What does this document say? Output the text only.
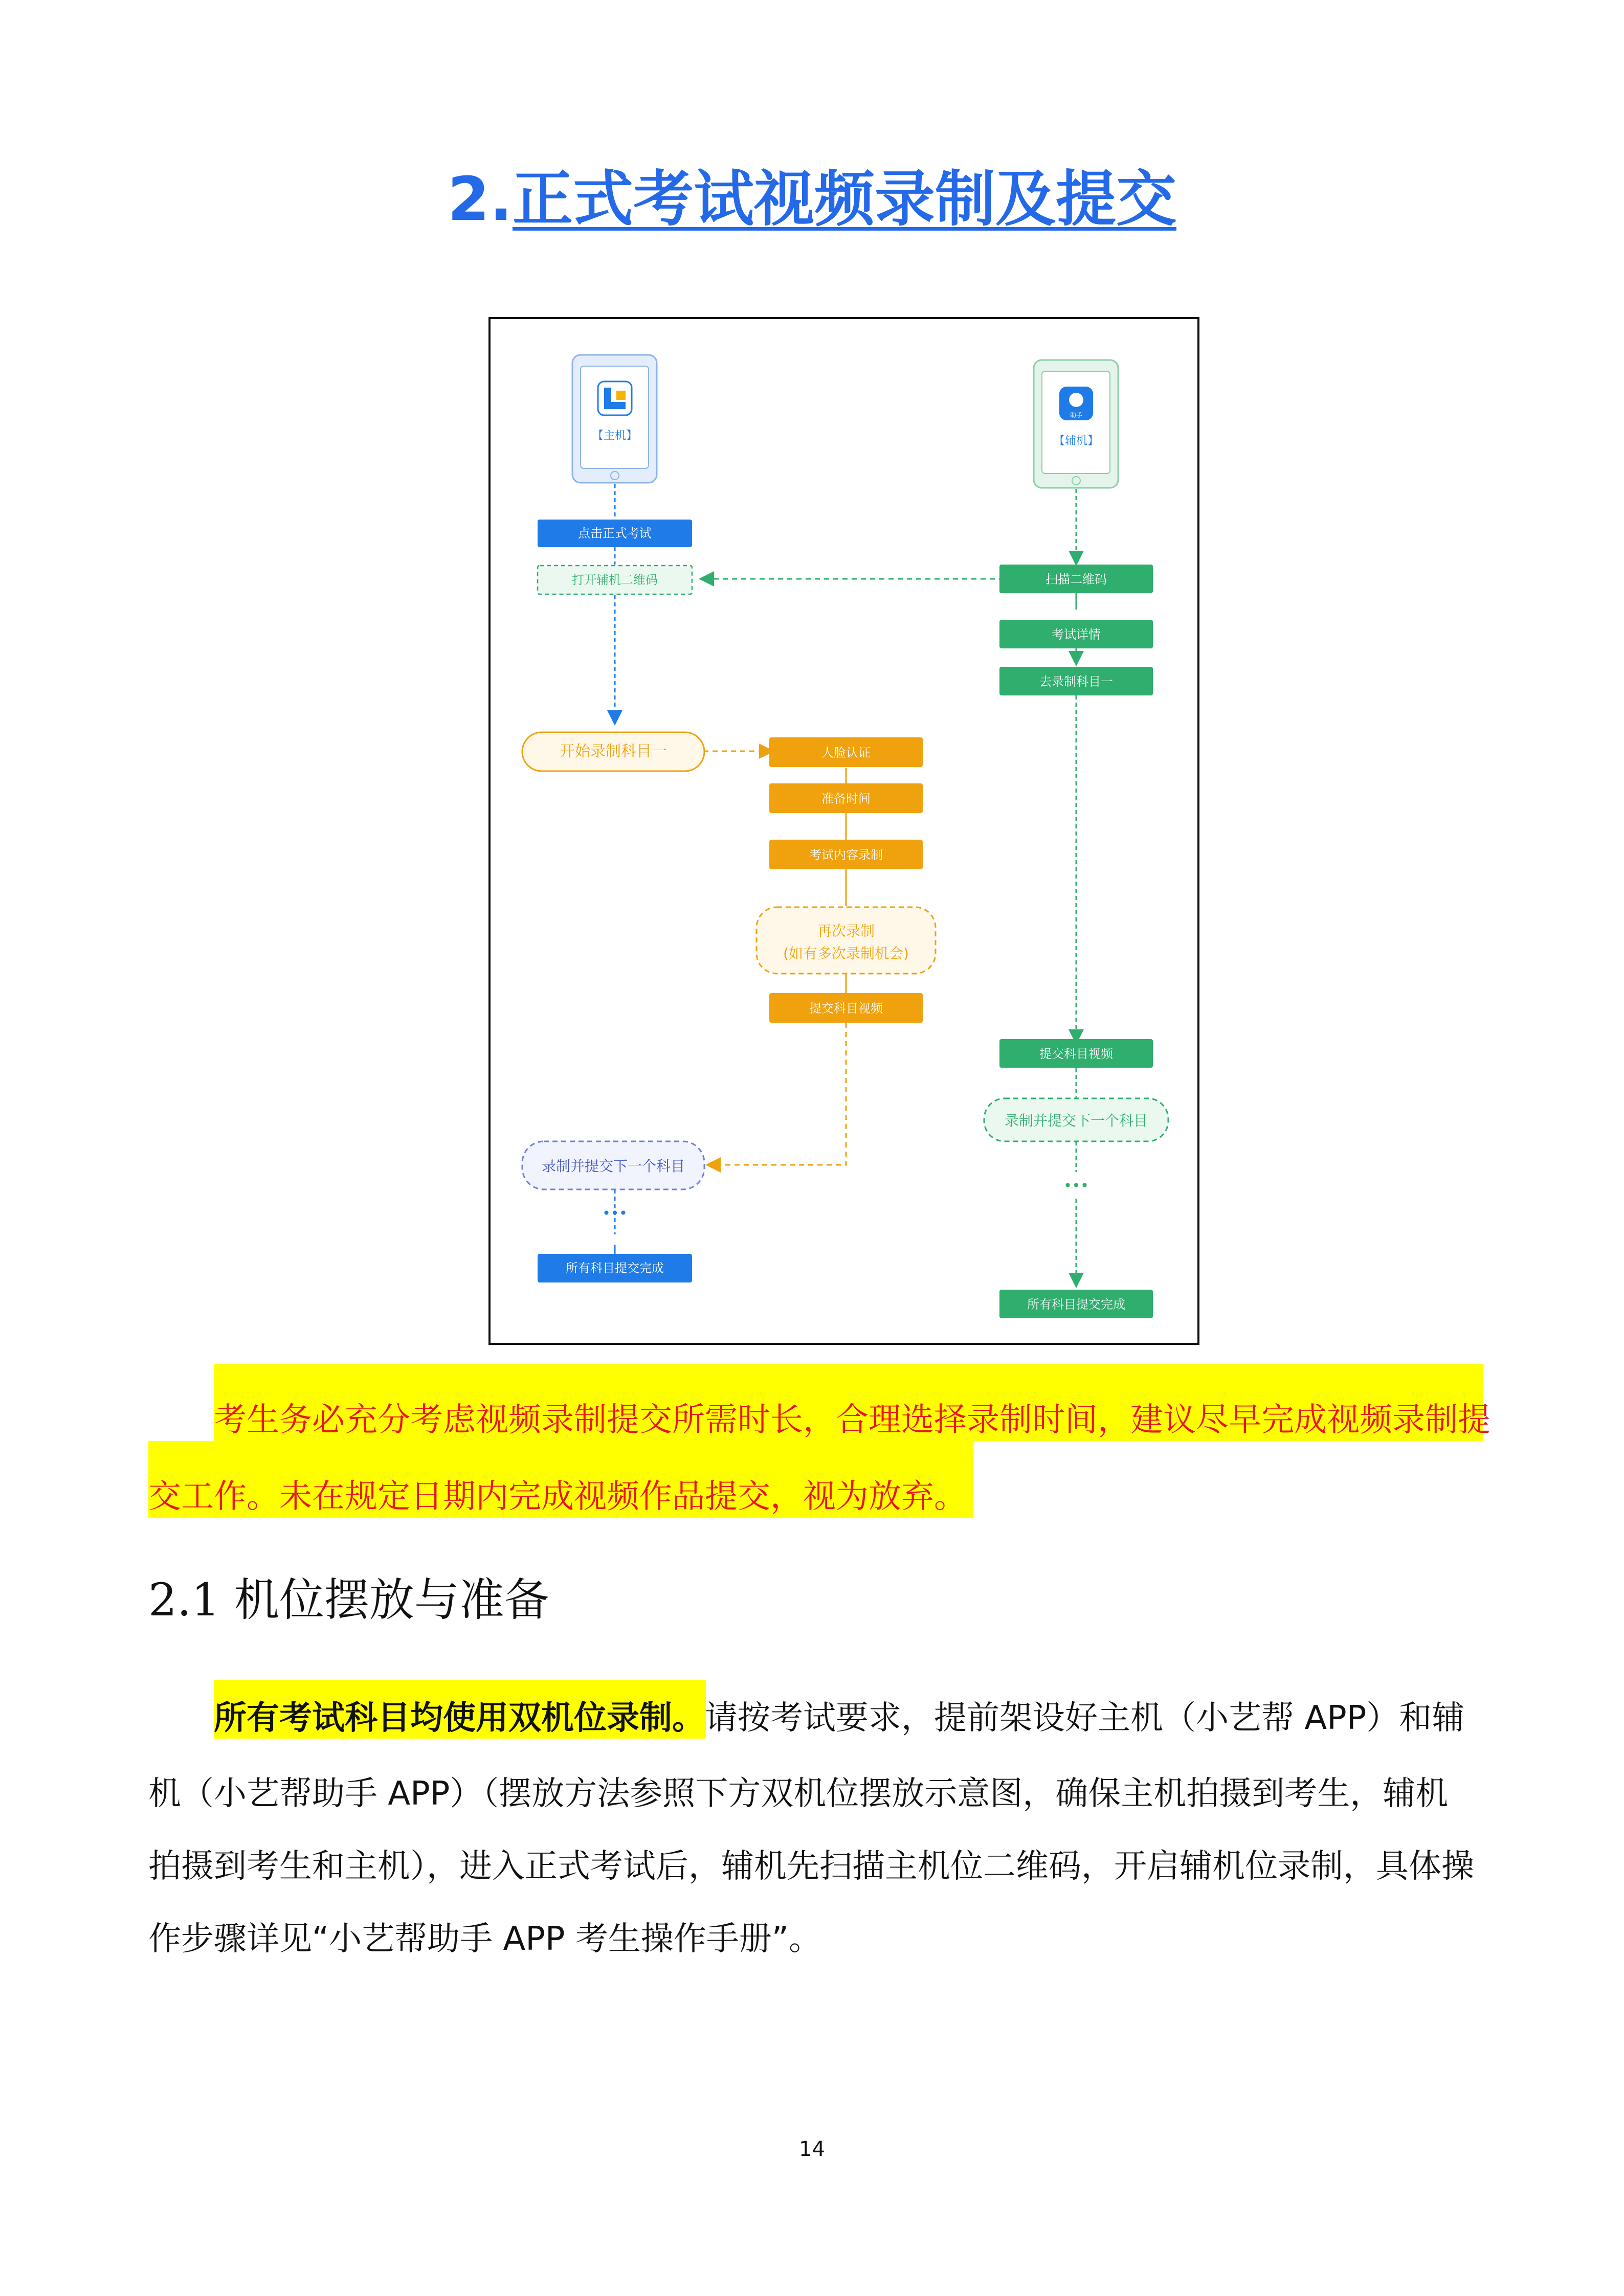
2.正式考试视频录制及提交
【主机】
助手
【辅机】
点击正式考试
打开辅机二维码
开始录制科目一	人脸认证
准备时间
考试内容录制
再次录制
(如有多次录制机会)
提交科目视频
录制并提交下一个科目
•••
所有科目提交完成
扫描二维码
考试详情
去录制科目一
提交科目视频
录制并提交下一个科目
•••
所有科目提交完成
考生务必充分考虑视频录制提交所需时长，合理选择录制时间，建议尽早完成视频录制提
交工作。未在规定日期内完成视频作品提交，视为放弃。
2.1 机位摆放与准备
所有考试科目均使用双机位录制。请按考试要求，提前架设好主机（小艺帮 APP）和辅
机（小艺帮助手 APP）（摆放方法参照下方双机位摆放示意图，确保主机拍摄到考生，辅机
拍摄到考生和主机），进入正式考试后，辅机先扫描主机位二维码，开启辅机位录制，具体操
作步骤详见“小艺帮助手 APP 考生操作手册”。
14
